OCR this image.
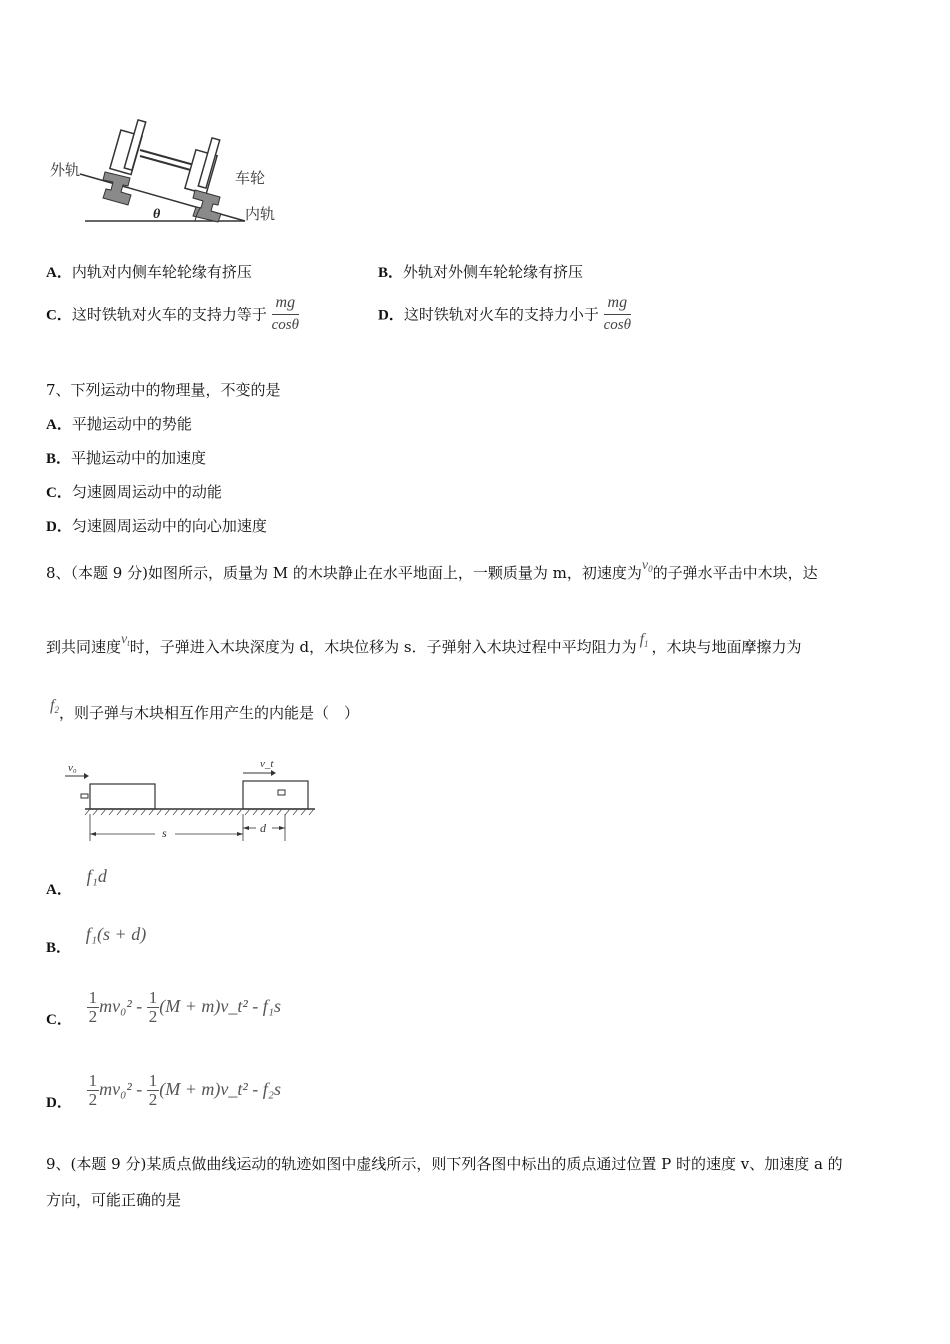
θ
外轨	车轮
内轨
A．内轨对内侧车轮轮缘有挤压	B．外轨对外侧车轮轮缘有挤压
C．这时铁轨对火车的支持力等于 $\frac{mg}{\cos\theta}$	D．这时铁轨对火车的支持力小于 $\frac{mg}{\cos\theta}$
7、下列运动中的物理量，不变的是
A．平抛运动中的势能
B．平抛运动中的加速度
C．匀速圆周运动中的动能
D．匀速圆周运动中的向心加速度
8、（本题 9 分)如图所示，质量为 M 的木块静止在水平地面上，一颗质量为 m，初速度为$v_0$的子弹水平击中木块，达
到共同速度$v_t$时，子弹进入木块深度为 d，木块位移为 s．子弹射入木块过程中平均阻力为 $f_1$ ，木块与地面摩擦力为
$f_2$，则子弹与木块相互作用产生的内能是（　）
v₀	v_t
s	d
A． f₁d
B． f₁(s + d)
C． $\frac{1}{2} mv_0^2 - \frac{1}{2} (M$ + m)v_t² - f₁s
D． $\frac{1}{2} mv_0^2 - \frac{1}{2} (M$ + m)v_t² - f₂s
9、(本题 9 分)某质点做曲线运动的轨迹如图中虚线所示，则下列各图中标出的质点通过位置 P 时的速度 v、加速度 a 的
方向，可能正确的是
